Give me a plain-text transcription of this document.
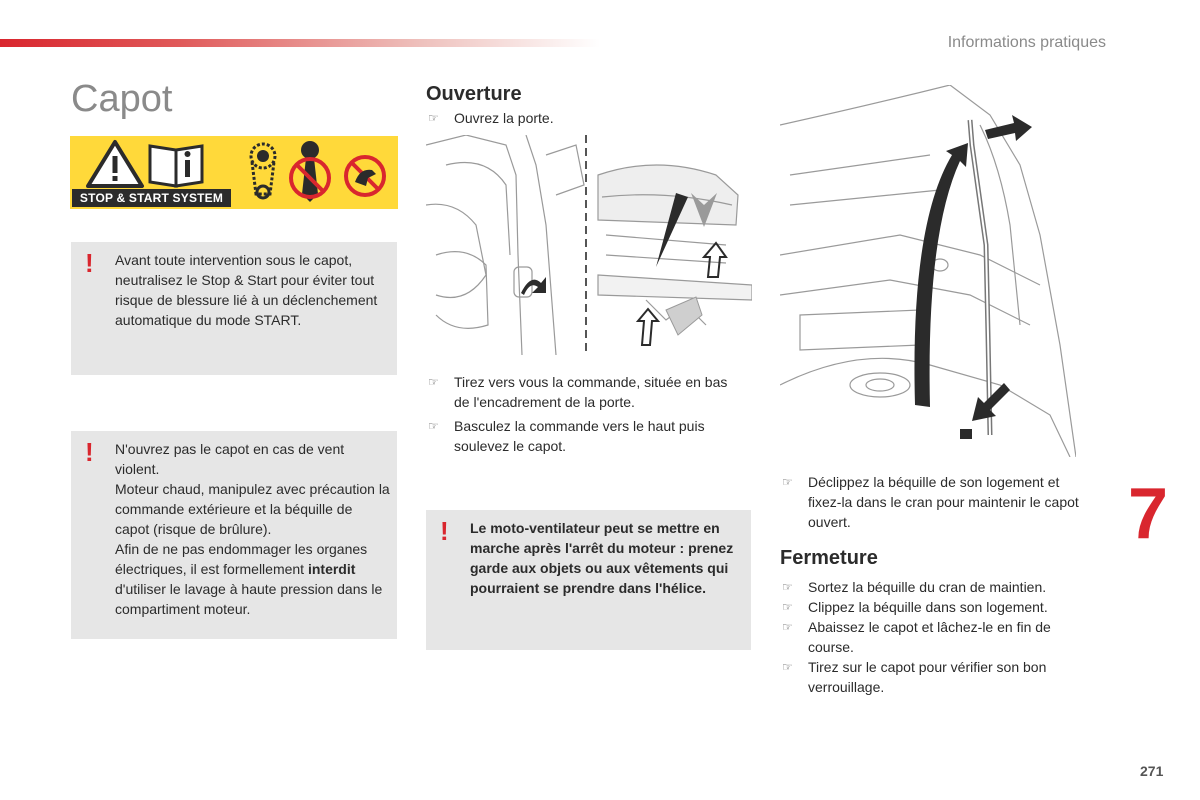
Informations pratiques
7
271
Capot
STOP & START SYSTEM
! Avant toute intervention sous le capot, neutralisez le Stop & Start pour éviter tout risque de blessure lié à un déclenchement automatique du mode START.
! N'ouvrez pas le capot en cas de vent violent.
Moteur chaud, manipulez avec précaution la commande extérieure et la béquille de capot (risque de brûlure).
Afin de ne pas endommager les organes électriques, il est formellement interdit d'utiliser le lavage à haute pression dans le compartiment moteur.
Ouverture
☞ Ouvrez la porte.
☞ Tirez vers vous la commande, située en bas de l'encadrement de la porte.
☞ Basculez la commande vers le haut puis soulevez le capot.
! Le moto-ventilateur peut se mettre en marche après l'arrêt du moteur : prenez garde aux objets ou aux vêtements qui pourraient se prendre dans l'hélice.
☞ Déclippez la béquille de son logement et fixez-la dans le cran pour maintenir le capot ouvert.
Fermeture
☞ Sortez la béquille du cran de maintien.
☞ Clippez la béquille dans son logement.
☞ Abaissez le capot et lâchez-le en fin de course.
☞ Tirez sur le capot pour vérifier son bon verrouillage.
